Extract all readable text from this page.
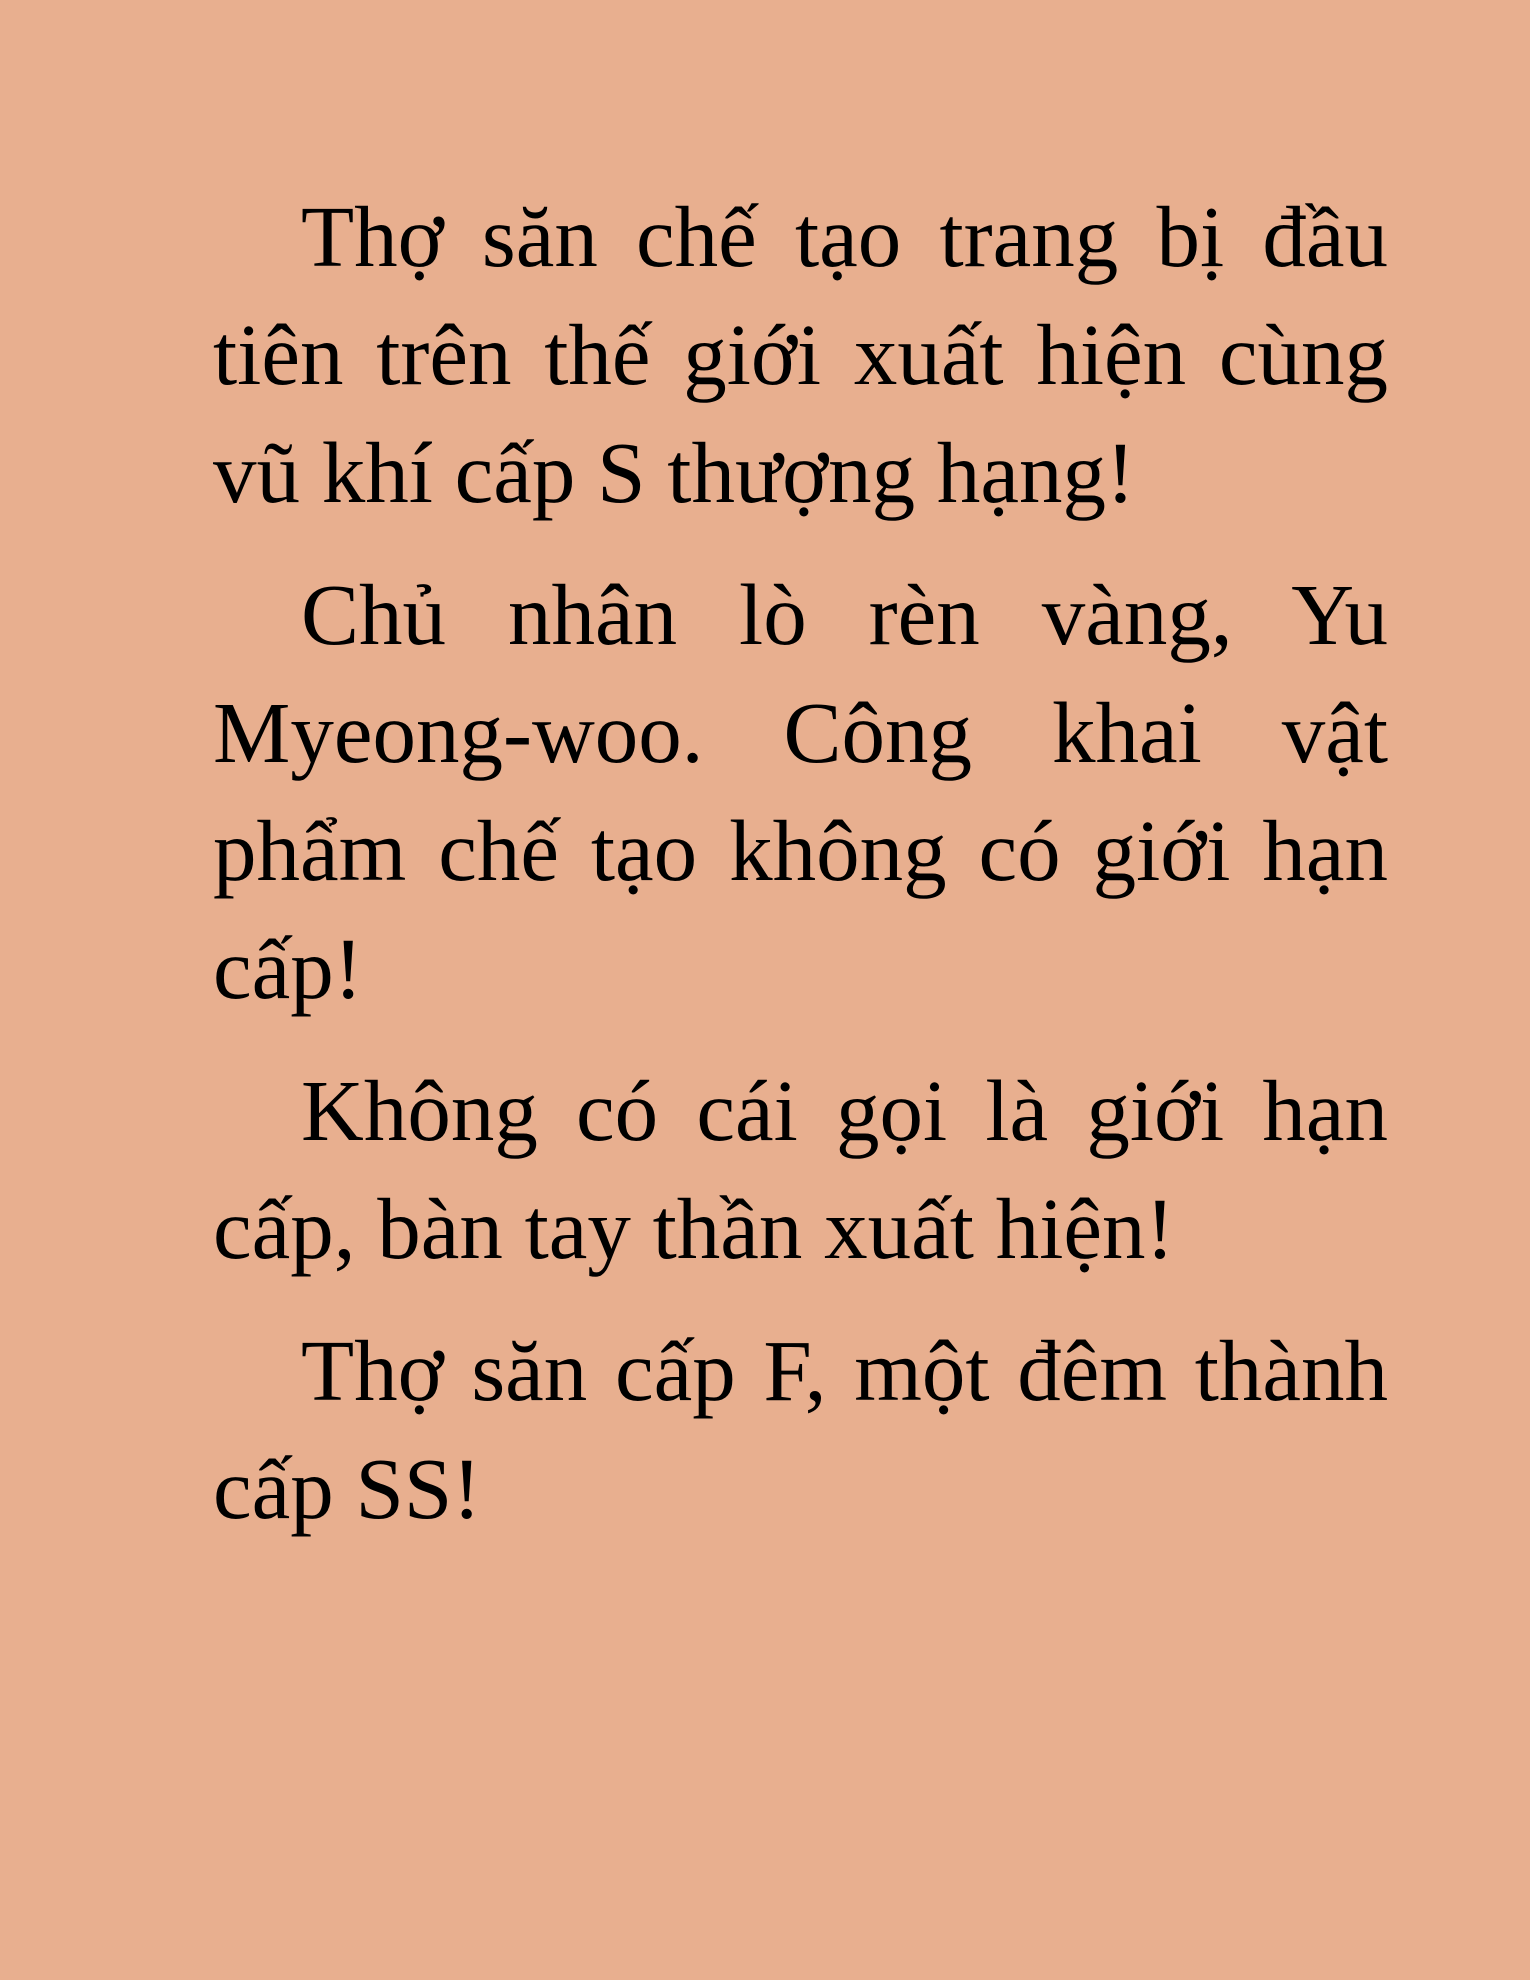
Thợ săn chế tạo trang bị đầu tiên trên thế giới xuất hiện cùng vũ khí cấp S thượng hạng!

Chủ nhân lò rèn vàng, Yu Myeong-woo. Công khai vật phẩm chế tạo không có giới hạn cấp!

Không có cái gọi là giới hạn cấp, bàn tay thần xuất hiện!

Thợ săn cấp F, một đêm thành cấp SS!
